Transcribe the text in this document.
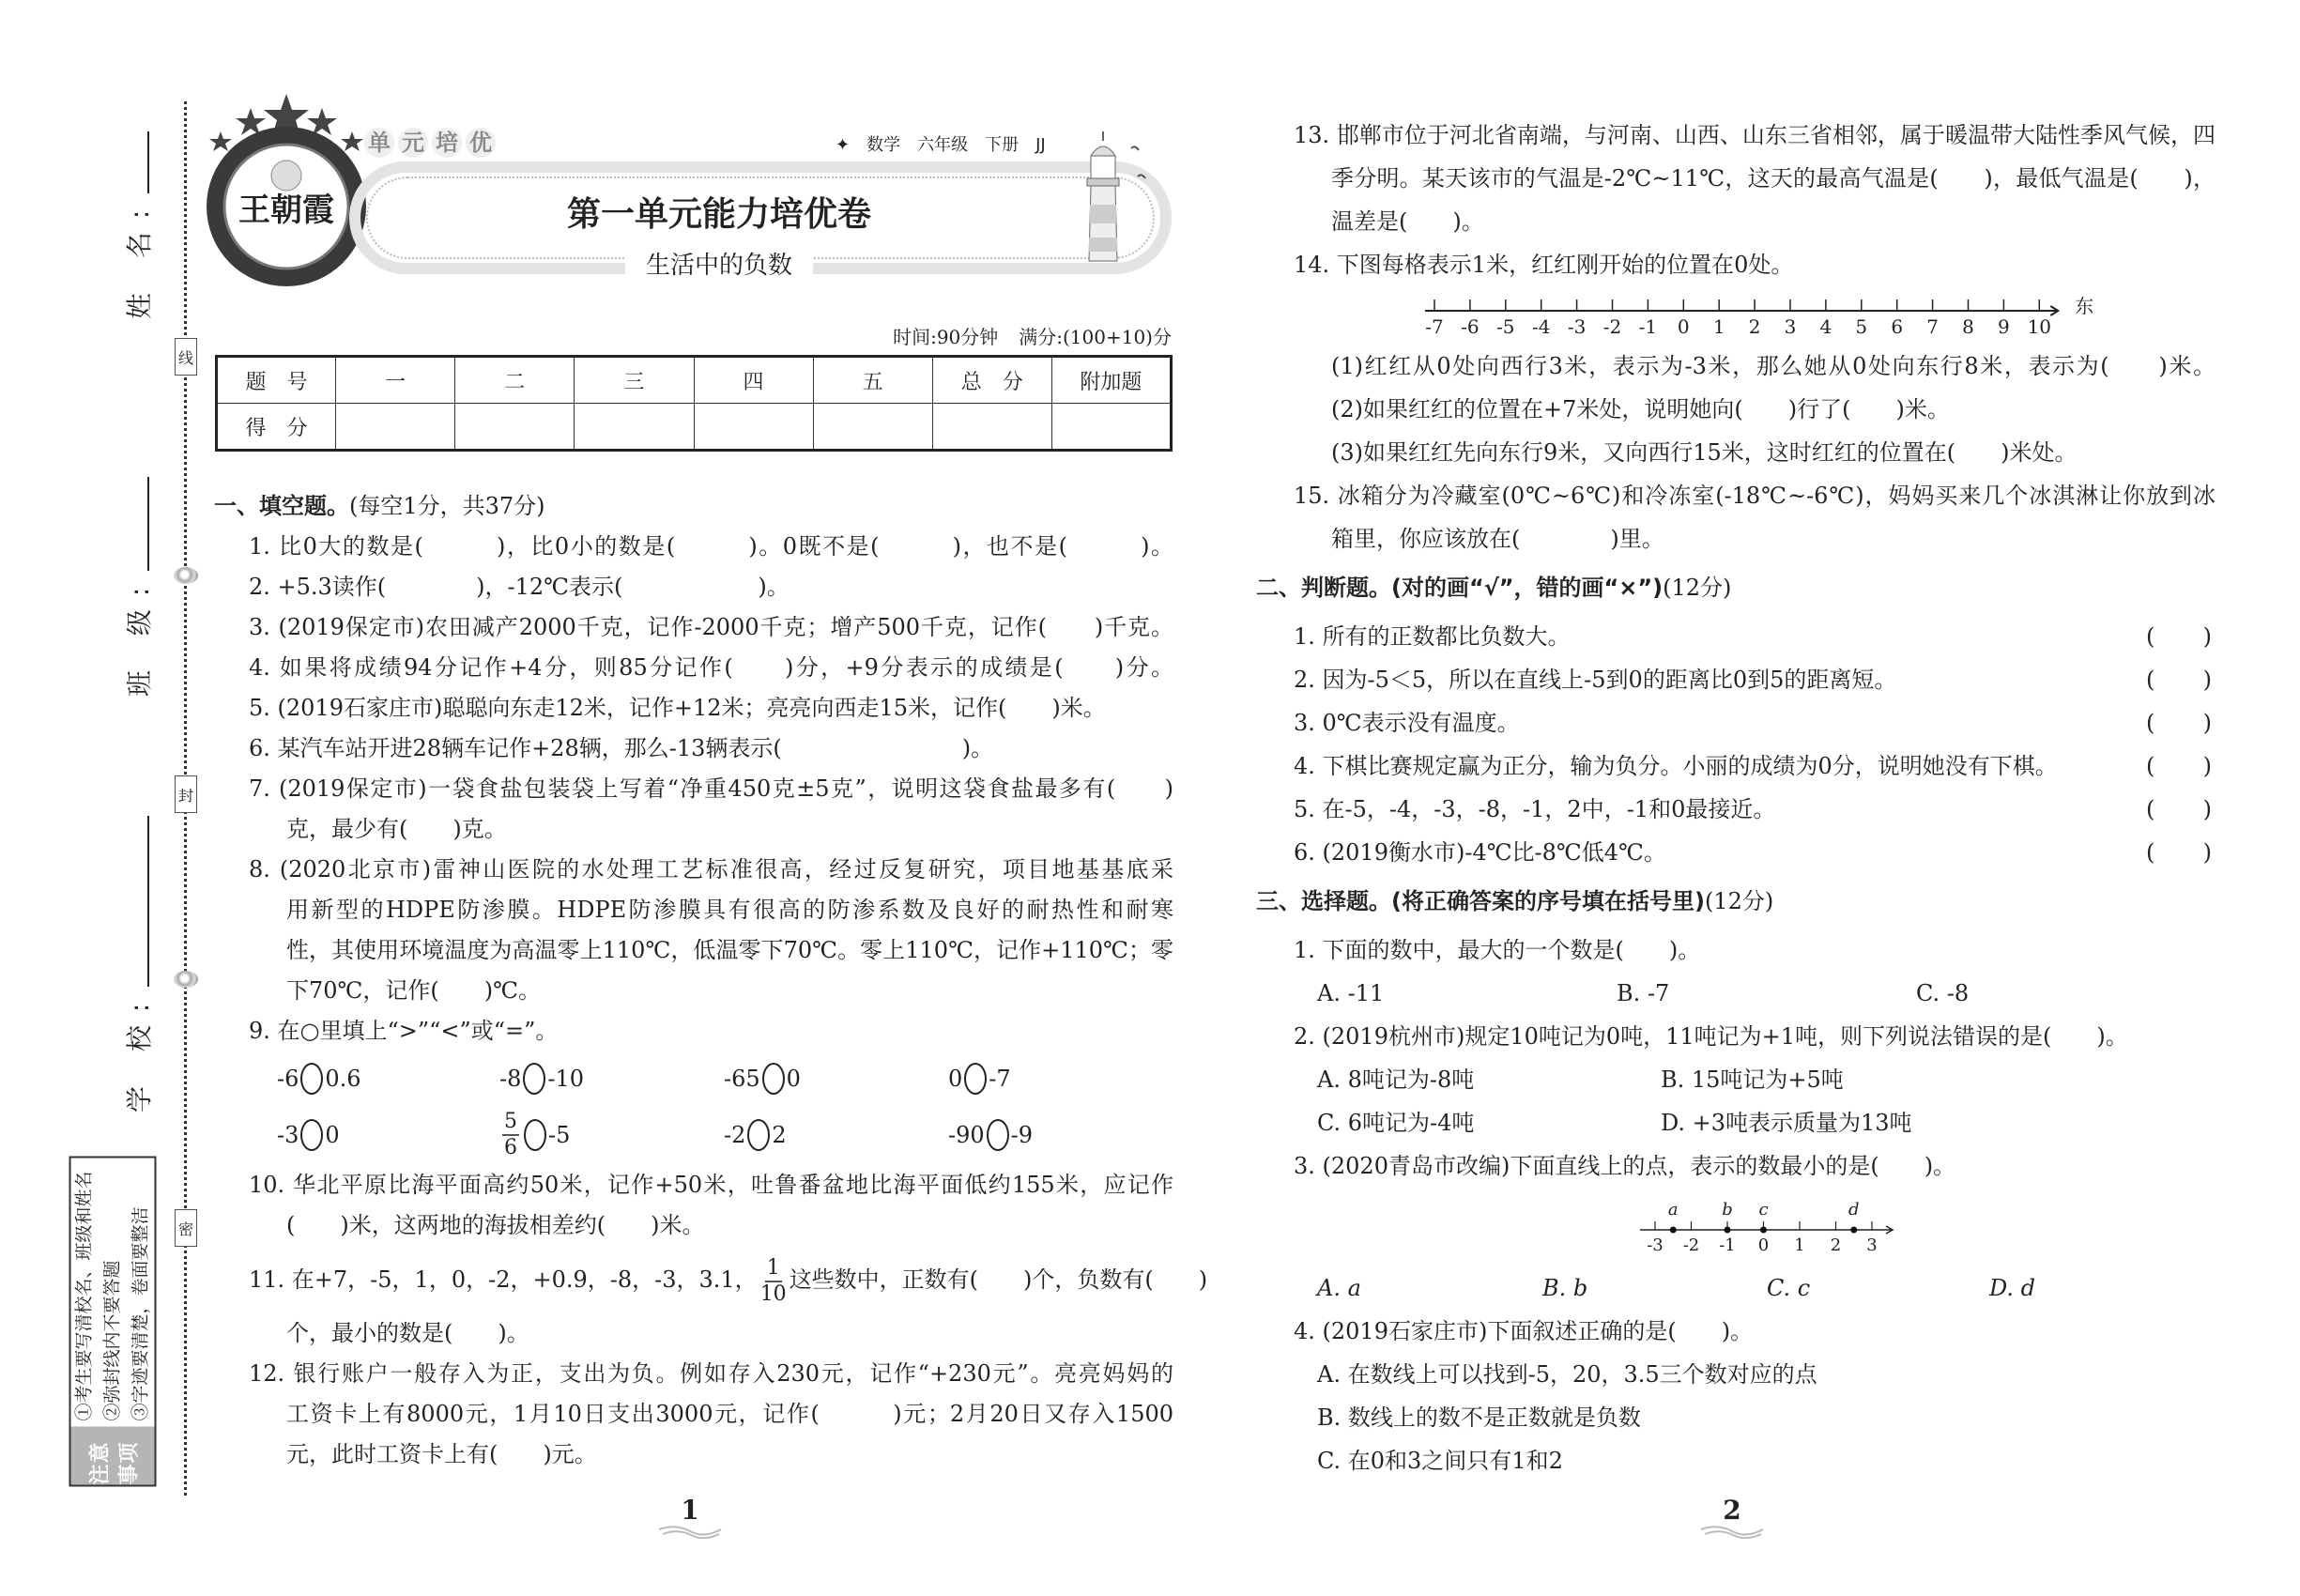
线
封
密
姓 名:
班 级:
学 校:
注意事项
①考生要写清校名、班级和姓名 ②弥封线内不要答题 ③字迹要清楚，卷面要整洁
王朝霞
单 元 培 优	✦ 数学 六年级 下册 JJ
第一单元能力培优卷
生活中的负数
时间:90分钟 满分:(100+10)分
题　号	一	二	三	四	五	总　分	附加题
得　分							
一、填空题。(每空1分，共37分)
1. 比0大的数是(　　　)，比0小的数是(　　　)。0既不是(　　　)，也不是(　　　)。
2. +5.3读作(　　　　)，-12℃表示(　　　　　　)。
3. (2019保定市)农田减产2000千克，记作-2000千克；增产500千克，记作(　　)千克。
4. 如果将成绩94分记作+4分，则85分记作(　　)分，+9分表示的成绩是(　　)分。
5. (2019石家庄市)聪聪向东走12米，记作+12米；亮亮向西走15米，记作(　　)米。
6. 某汽车站开进28辆车记作+28辆，那么-13辆表示(　　　　　　　　)。
7. (2019保定市)一袋食盐包装袋上写着“净重450克±5克”，说明这袋食盐最多有(　　)
克，最少有(　　)克。
8. (2020北京市)雷神山医院的水处理工艺标准很高，经过反复研究，项目地基基底采
用新型的HDPE防渗膜。HDPE防渗膜具有很高的防渗系数及良好的耐热性和耐寒
性，其使用环境温度为高温零上110℃，低温零下70℃。零上110℃，记作+110℃；零
下70℃，记作(　　)℃。
9. 在○里填上“>”“<”或“=”。
-6 0.6	-8 -10	-65 0	0 -7
-3 0	$\frac{5}{6} -5$	-2 2	-90 -9
10. 华北平原比海平面高约50米，记作+50米，吐鲁番盆地比海平面低约155米，应记作
(　　)米，这两地的海拔相差约(　　)米。
11. 在+7，-5，1，0，-2，+0.9，-8，-3，3.1， $\frac{1}{10}$ 这些数中，正数有(　　)个，负数有(　　)
个，最小的数是(　　)。
12. 银行账户一般存入为正，支出为负。例如存入230元，记作“+230元”。亮亮妈妈的
工资卡上有8000元，1月10日支出3000元，记作(　　　)元；2月20日又存入1500
元，此时工资卡上有(　　)元。
13. 邯郸市位于河北省南端，与河南、山西、山东三省相邻，属于暖温带大陆性季风气候，四
季分明。某天该市的气温是-2℃~11℃，这天的最高气温是(　　)，最低气温是(　　)，
温差是(　　)。
14. 下图每格表示1米，红红刚开始的位置在0处。
-7 -6 -5 -4 -3 -2 -1 0 1 2 3 4 5 6 7 8 9 10
东
(1)红红从0处向西行3米，表示为-3米，那么她从0处向东行8米，表示为(　　)米。
(2)如果红红的位置在+7米处，说明她向(　　)行了(　　)米。
(3)如果红红先向东行9米，又向西行15米，这时红红的位置在(　　)米处。
15. 冰箱分为冷藏室(0℃~6℃)和冷冻室(-18℃~-6℃)，妈妈买来几个冰淇淋让你放到冰
箱里，你应该放在(　　　　)里。
二、判断题。(对的画“√”，错的画“×”)(12分)
1. 所有的正数都比负数大。	( )
2. 因为-5＜5，所以在直线上-5到0的距离比0到5的距离短。	( )
3. 0℃表示没有温度。	( )
4. 下棋比赛规定赢为正分，输为负分。小丽的成绩为0分，说明她没有下棋。	( )
5. 在-5，-4，-3，-8，-1，2中，-1和0最接近。	( )
6. (2019衡水市)-4℃比-8℃低4℃。	( )
三、选择题。(将正确答案的序号填在括号里)(12分)
1. 下面的数中，最大的一个数是(　　)。
A. -11	B. -7	C. -8
2. (2019杭州市)规定10吨记为0吨，11吨记为+1吨，则下列说法错误的是(　　)。
A. 8吨记为-8吨	B. 15吨记为+5吨
C. 6吨记为-4吨	D. +3吨表示质量为13吨
3. (2020青岛市改编)下面直线上的点，表示的数最小的是(　　)。
-3 -2 -1 0 1 2 3
a	b c	d
A. a	B. b	C. c	D. d
4. (2019石家庄市)下面叙述正确的是(　　)。
A. 在数线上可以找到-5，20，3.5三个数对应的点
B. 数线上的数不是正数就是负数
C. 在0和3之间只有1和2
1	2
